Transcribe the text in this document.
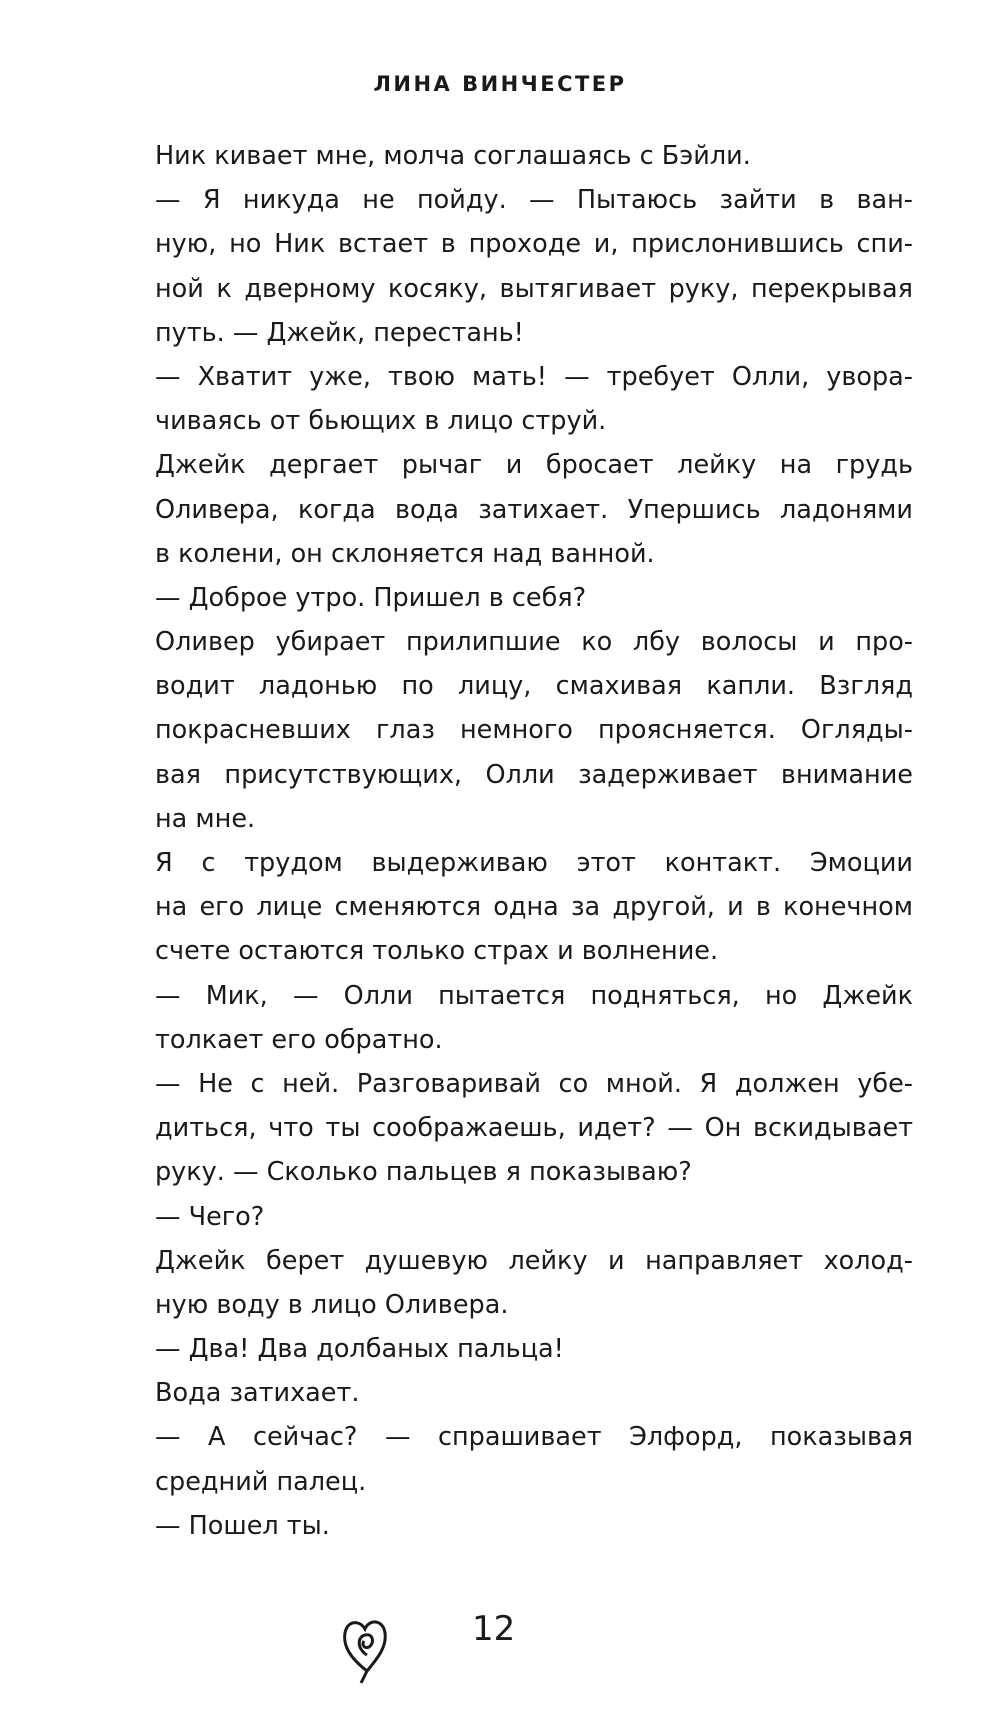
ЛИНА ВИНЧЕСТЕР
Ник кивает мне, молча соглашаясь с Бэйли.
— Я никуда не пойду. — Пытаюсь зайти в ван-
ную, но Ник встает в проходе и, прислонившись спи-
ной к дверному косяку, вытягивает руку, перекрывая
путь. — Джейк, перестань!
— Хватит уже, твою мать! — требует Олли, увора-
чиваясь от бьющих в лицо струй.
Джейк дергает рычаг и бросает лейку на грудь
Оливера, когда вода затихает. Упершись ладонями
в колени, он склоняется над ванной.
— Доброе утро. Пришел в себя?
Оливер убирает прилипшие ко лбу волосы и про-
водит ладонью по лицу, смахивая капли. Взгляд
покрасневших глаз немного проясняется. Огляды-
вая присутствующих, Олли задерживает внимание
на мне.
Я с трудом выдерживаю этот контакт. Эмоции
на его лице сменяются одна за другой, и в конечном
счете остаются только страх и волнение.
— Мик, — Олли пытается подняться, но Джейк
толкает его обратно.
— Не с ней. Разговаривай со мной. Я должен убе-
диться, что ты соображаешь, идет? — Он вскидывает
руку. — Сколько пальцев я показываю?
— Чего?
Джейк берет душевую лейку и направляет холод-
ную воду в лицо Оливера.
— Два! Два долбаных пальца!
Вода затихает.
— А сейчас? — спрашивает Элфорд, показывая
средний палец.
— Пошел ты.
12
